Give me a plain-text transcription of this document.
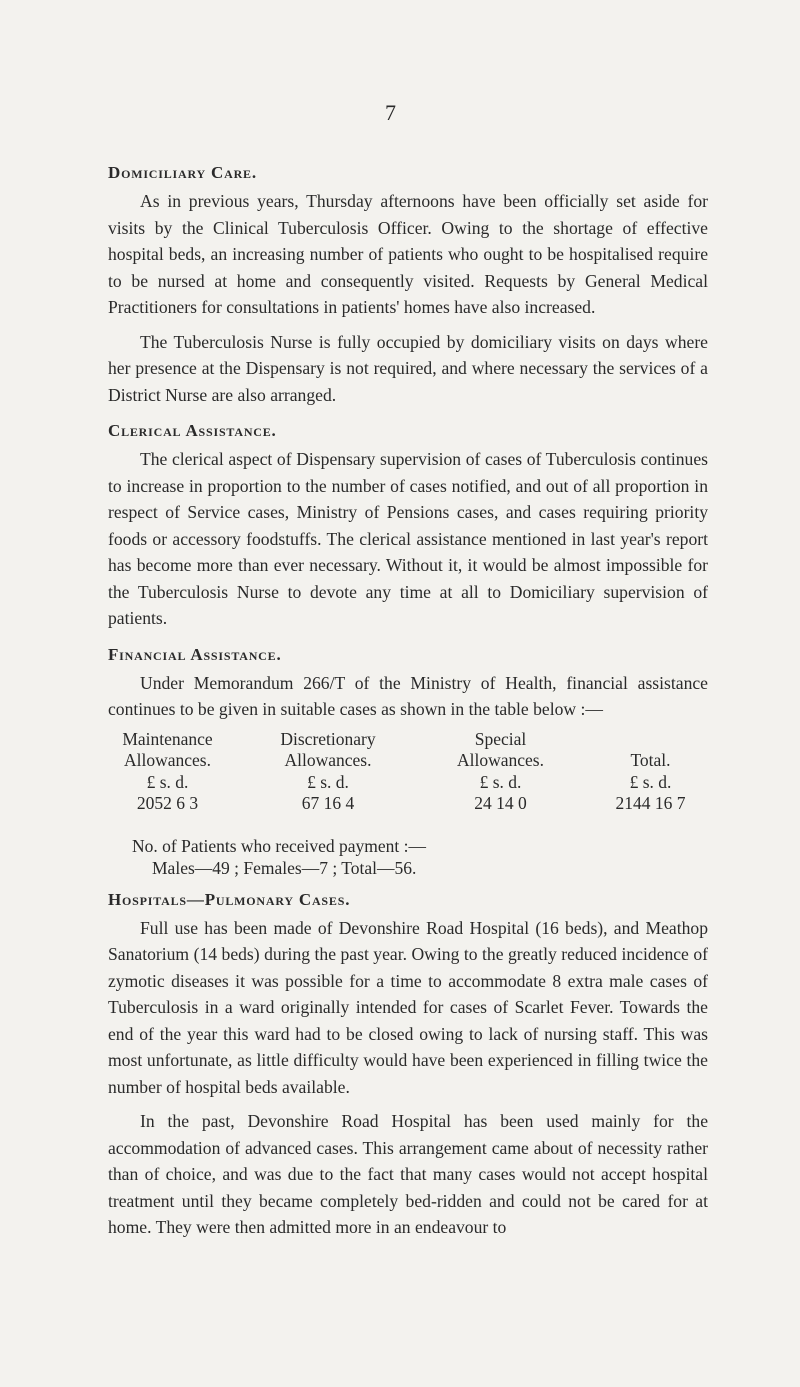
7
Domiciliary Care.

As in previous years, Thursday afternoons have been officially set aside for visits by the Clinical Tuberculosis Officer. Owing to the shortage of effective hospital beds, an increasing number of patients who ought to be hospitalised require to be nursed at home and consequently visited. Requests by General Medical Practitioners for consultations in patients' homes have also increased.

The Tuberculosis Nurse is fully occupied by domiciliary visits on days where her presence at the Dispensary is not required, and where necessary the services of a District Nurse are also arranged.

Clerical Assistance.

The clerical aspect of Dispensary supervision of cases of Tuberculosis continues to increase in proportion to the number of cases notified, and out of all proportion in respect of Service cases, Ministry of Pensions cases, and cases requiring priority foods or accessory foodstuffs. The clerical assistance mentioned in last year's report has become more than ever necessary. Without it, it would be almost impossible for the Tuberculosis Nurse to devote any time at all to Domiciliary supervision of patients.

Financial Assistance.

Under Memorandum 266/T of the Ministry of Health, financial assistance continues to be given in suitable cases as shown in the table below :—

Maintenance
Allowances.
£ s. d.
2052 6 3
Discretionary
Allowances.
£ s. d.
67 16 4
Special
Allowances.
£ s. d.
24 14 0
Total.
£ s. d.
2144 16 7
No. of Patients who received payment :—
Males—49 ; Females—7 ; Total—56.
Hospitals—Pulmonary Cases.

Full use has been made of Devonshire Road Hospital (16 beds), and Meathop Sanatorium (14 beds) during the past year. Owing to the greatly reduced incidence of zymotic diseases it was possible for a time to accommodate 8 extra male cases of Tuberculosis in a ward originally intended for cases of Scarlet Fever. Towards the end of the year this ward had to be closed owing to lack of nursing staff. This was most unfortunate, as little difficulty would have been experienced in filling twice the number of hospital beds available.

In the past, Devonshire Road Hospital has been used mainly for the accommodation of advanced cases. This arrangement came about of necessity rather than of choice, and was due to the fact that many cases would not accept hospital treatment until they became completely bed-ridden and could not be cared for at home. They were then admitted more in an endeavour to
